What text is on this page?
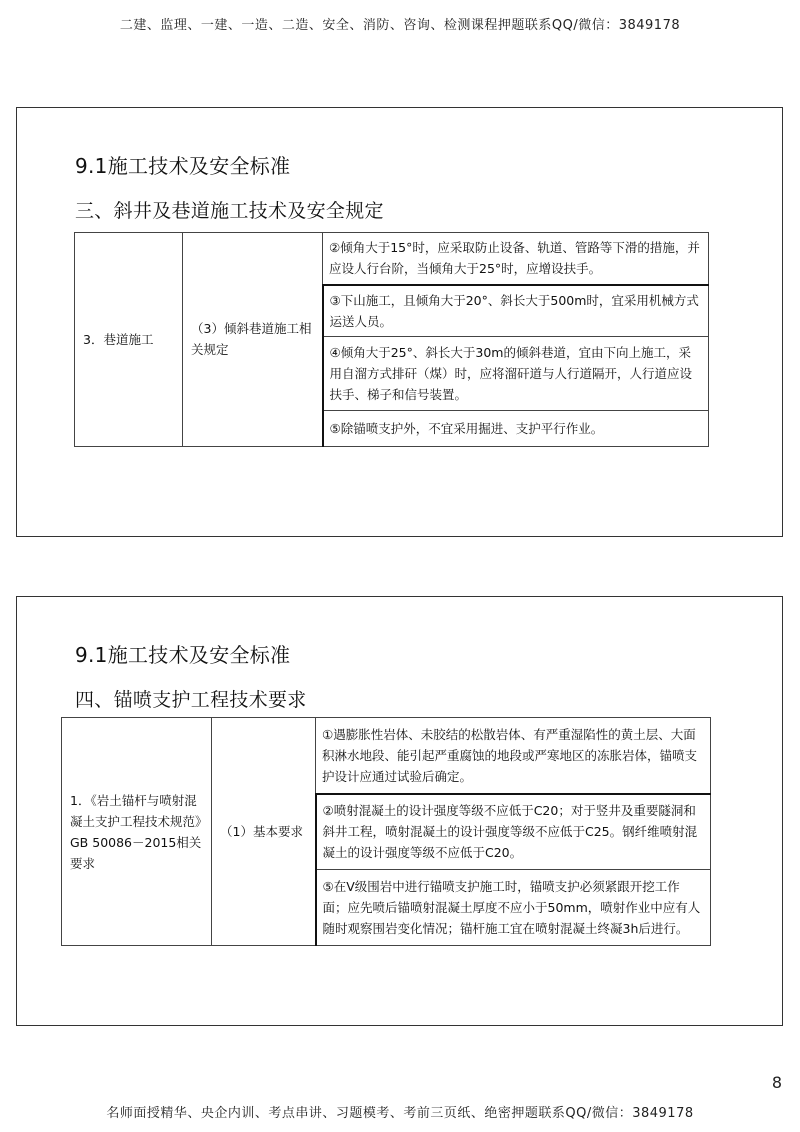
二建、监理、一建、一造、二造、安全、消防、咨询、检测课程押题联系QQ/微信：3849178
9.1施工技术及安全标准
三、斜井及巷道施工技术及安全规定
3．巷道施工	（3）倾斜巷道施工相关规定	②倾角大于15°时，应采取防止设备、轨道、管路等下滑的措施，并应设人行台阶，当倾角大于25°时，应增设扶手。
③下山施工，且倾角大于20°、斜长大于500m时，宜采用机械方式运送人员。
④倾角大于25°、斜长大于30m的倾斜巷道，宜由下向上施工，采用自溜方式排矸（煤）时，应将溜矸道与人行道隔开，人行道应设扶手、梯子和信号装置。
⑤除锚喷支护外，不宜采用掘进、支护平行作业。
9.1施工技术及安全标准
四、锚喷支护工程技术要求
1．《岩土锚杆与喷射混凝土支护工程技术规范》GB 50086－2015相关要求	（1）基本要求	①遇膨胀性岩体、未胶结的松散岩体、有严重湿陷性的黄土层、大面积淋水地段、能引起严重腐蚀的地段或严寒地区的冻胀岩体，锚喷支护设计应通过试验后确定。
②喷射混凝土的设计强度等级不应低于C20；对于竖井及重要隧洞和斜井工程，喷射混凝土的设计强度等级不应低于C25。钢纤维喷射混凝土的设计强度等级不应低于C20。
⑤在Ⅴ级围岩中进行锚喷支护施工时，锚喷支护必须紧跟开挖工作面；应先喷后锚喷射混凝土厚度不应小于50mm，喷射作业中应有人随时观察围岩变化情况；锚杆施工宜在喷射混凝土终凝3h后进行。
8
名师面授精华、央企内训、考点串讲、习题模考、考前三页纸、绝密押题联系QQ/微信：3849178
